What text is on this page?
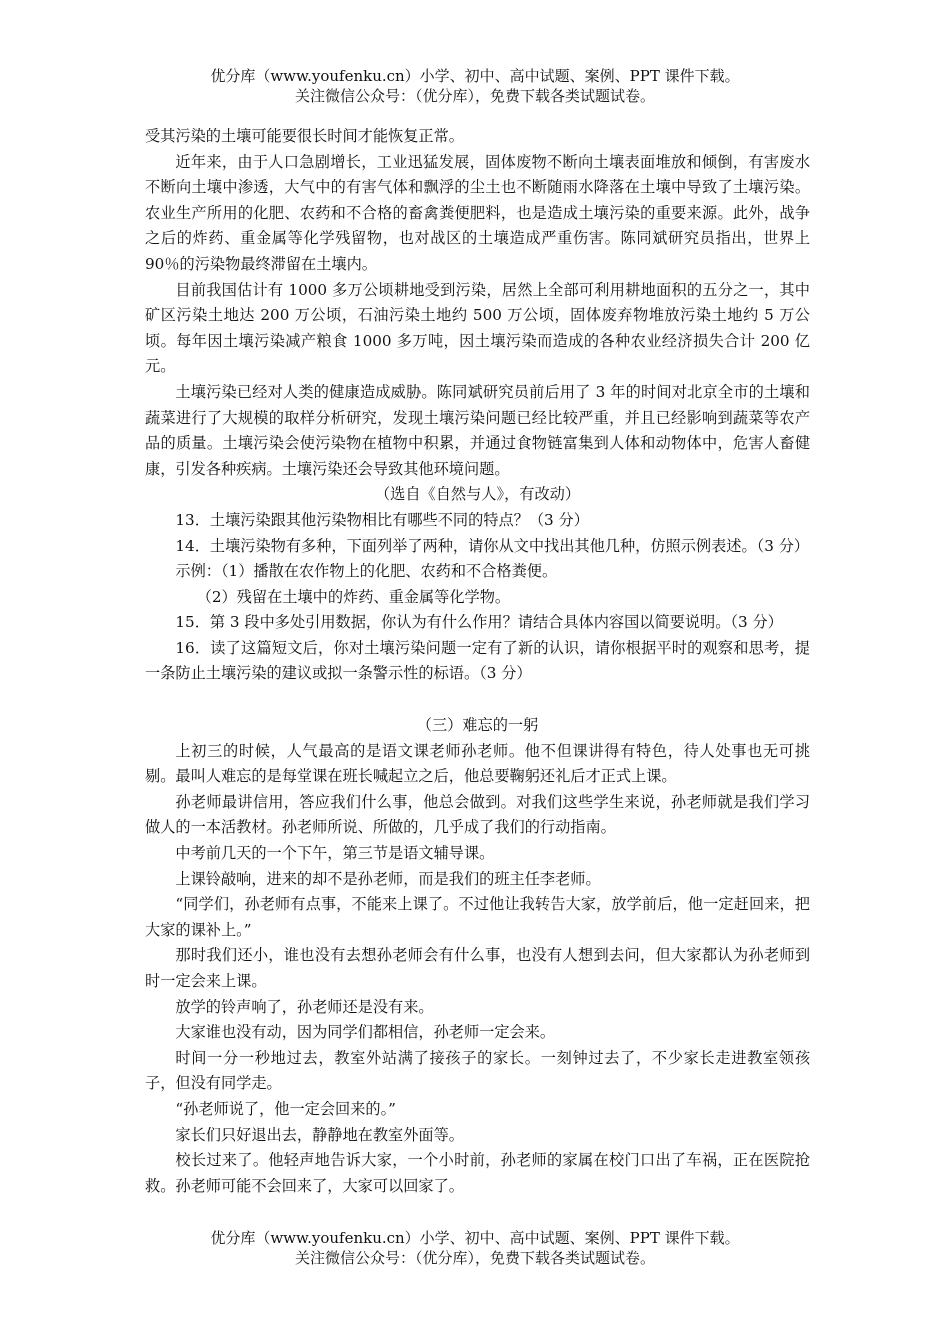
优分库（www.youfenku.cn）小学、初中、高中试题、案例、PPT 课件下载。
关注微信公众号：（优分库），免费下载各类试题试卷。

受其污染的土壤可能要很长时间才能恢复正常。

近年来，由于人口急剧增长，工业迅猛发展，固体废物不断向土壤表面堆放和倾倒，有害废水不断向土壤中渗透，大气中的有害气体和飘浮的尘土也不断随雨水降落在土壤中导致了土壤污染。农业生产所用的化肥、农药和不合格的畜禽粪便肥料，也是造成土壤污染的重要来源。此外，战争之后的炸药、重金属等化学残留物，也对战区的土壤造成严重伤害。陈同斌研究员指出，世界上 90％的污染物最终滞留在土壤内。

目前我国估计有 1000 多万公顷耕地受到污染，居然上全部可利用耕地面积的五分之一，其中矿区污染土地达 200 万公顷，石油污染土地约 500 万公顷，固体废弃物堆放污染土地约 5 万公顷。每年因土壤污染减产粮食 1000 多万吨，因土壤污染而造成的各种农业经济损失合计 200 亿元。

土壤污染已经对人类的健康造成威胁。陈同斌研究员前后用了 3 年的时间对北京全市的土壤和蔬菜进行了大规模的取样分析研究，发现土壤污染问题已经比较严重，并且已经影响到蔬菜等农产品的质量。土壤污染会使污染物在植物中积累，并通过食物链富集到人体和动物体中，危害人畜健康，引发各种疾病。土壤污染还会导致其他环境问题。

（选自《自然与人》，有改动）

13．土壤污染跟其他污染物相比有哪些不同的特点？（3 分）

14．土壤污染物有多种，下面列举了两种，请你从文中找出其他几种，仿照示例表述。（3 分）

示例：（1）播散在农作物上的化肥、农药和不合格粪便。

（2）残留在土壤中的炸药、重金属等化学物。

15．第 3 段中多处引用数据，你认为有什么作用？请结合具体内容国以简要说明。（3 分）

16．读了这篇短文后，你对土壤污染问题一定有了新的认识，请你根据平时的观察和思考，提一条防止土壤污染的建议或拟一条警示性的标语。（3 分）

（三）难忘的一躬

上初三的时候，人气最高的是语文课老师孙老师。他不但课讲得有特色，待人处事也无可挑剔。最叫人难忘的是每堂课在班长喊起立之后，他总要鞠躬还礼后才正式上课。

孙老师最讲信用，答应我们什么事，他总会做到。对我们这些学生来说，孙老师就是我们学习做人的一本活教材。孙老师所说、所做的，几乎成了我们的行动指南。

中考前几天的一个下午，第三节是语文辅导课。

上课铃敲响，进来的却不是孙老师，而是我们的班主任李老师。

“同学们，孙老师有点事，不能来上课了。不过他让我转告大家，放学前后，他一定赶回来，把大家的课补上。”

那时我们还小，谁也没有去想孙老师会有什么事，也没有人想到去问，但大家都认为孙老师到时一定会来上课。

放学的铃声响了，孙老师还是没有来。

大家谁也没有动，因为同学们都相信，孙老师一定会来。

时间一分一秒地过去，教室外站满了接孩子的家长。一刻钟过去了，不少家长走进教室领孩子，但没有同学走。

“孙老师说了，他一定会回来的。”

家长们只好退出去，静静地在教室外面等。

校长过来了。他轻声地告诉大家，一个小时前，孙老师的家属在校门口出了车祸，正在医院抢救。孙老师可能不会回来了，大家可以回家了。

优分库（www.youfenku.cn）小学、初中、高中试题、案例、PPT 课件下载。
关注微信公众号：（优分库），免费下载各类试题试卷。
